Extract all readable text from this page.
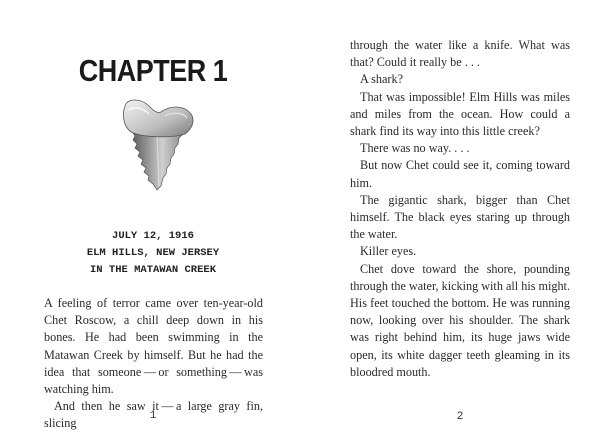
CHAPTER 1
JULY 12, 1916
ELM HILLS, NEW JERSEY
IN THE MATAWAN CREEK

A feeling of terror came over ten-year-old Chet Roscow, a chill deep down in his bones. He had been swimming in the Matawan Creek by himself. But he had the idea that someone — or something — was watching him.

And then he saw it — a large gray fin, slicing

1

through the water like a knife. What was that? Could it really be . . .

A shark?

That was impossible! Elm Hills was miles and miles from the ocean. How could a shark find its way into this little creek?

There was no way. . . .

But now Chet could see it, coming toward him.

The gigantic shark, bigger than Chet himself. The black eyes staring up through the water.

Killer eyes.

Chet dove toward the shore, pounding through the water, kicking with all his might. His feet touched the bottom. He was running now, looking over his shoulder. The shark was right behind him, its huge jaws wide open, its white dagger teeth gleaming in its bloodred mouth.

2
